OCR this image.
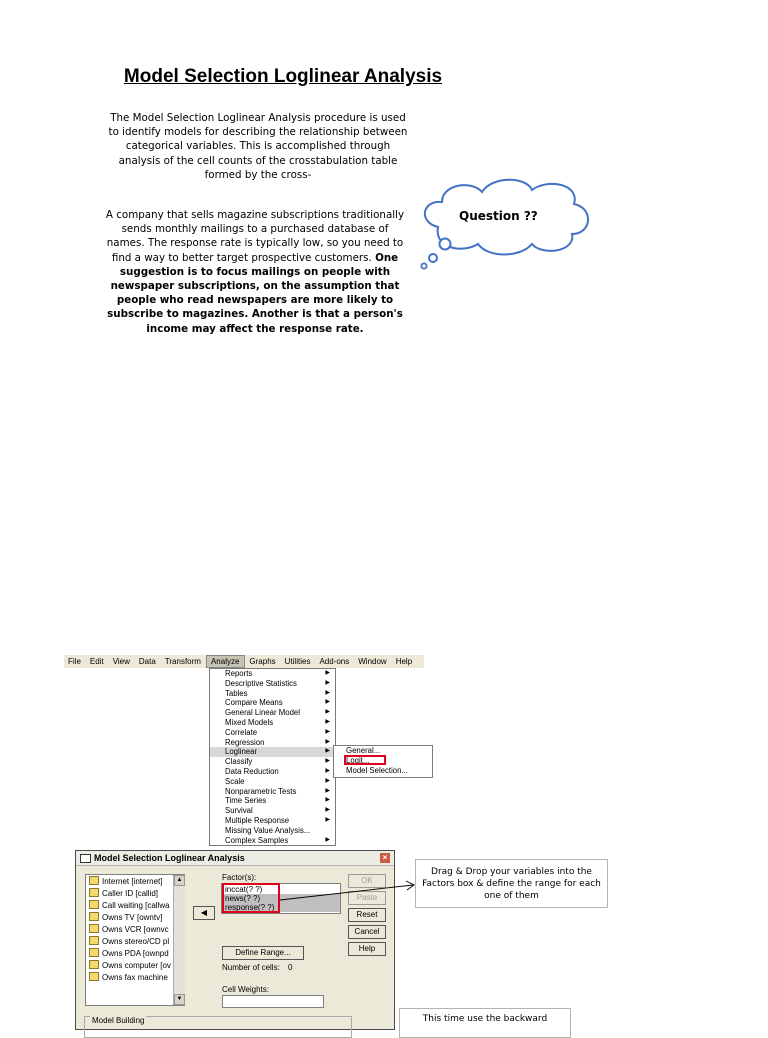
Model Selection Loglinear Analysis
The Model Selection Loglinear Analysis procedure is used to identify models for describing the relationship between categorical variables. This is accomplished through analysis of the cell counts of the crosstabulation table formed by the cross-
A company that sells magazine subscriptions traditionally sends monthly mailings to a purchased database of names. The response rate is typically low, so you need to find a way to better target prospective customers. One suggestion is to focus mailings on people with newspaper subscriptions, on the assumption that people who read newspapers are more likely to subscribe to magazines. Another is that a person's income may affect the response rate.
Question ??
File	Edit	View	Data	Transform	Analyze	Graphs	Utilities	Add-ons	Window	Help
Reports	▶
Descriptive Statistics	▶
Tables	▶
Compare Means	▶
General Linear Model	▶
Mixed Models	▶
Correlate	▶
Regression	▶
Loglinear	▶
Classify	▶
Data Reduction	▶
Scale	▶
Nonparametric Tests	▶
Time Series	▶
Survival	▶
Multiple Response	▶
Missing Value Analysis...
Complex Samples	▶
General...
Logit...
Model Selection...
Model Selection Loglinear Analysis	×
Internet [internet]
Caller ID [callid]
Call waiting [callwa
Owns TV [owntv]
Owns VCR [ownvc
Owns stereo/CD pl
Owns PDA [ownpd
Owns computer [ov
Owns fax machine
▲
▼
◀
Factor(s):
inccat(? ?)
news(? ?)
response(? ?)
OK
Paste
Reset
Cancel
Help
Define Range...
Number of cells: 0
Cell Weights:
Model Building
Drag & Drop your variables into the Factors box & define the range for each one of them
This time use the backward
